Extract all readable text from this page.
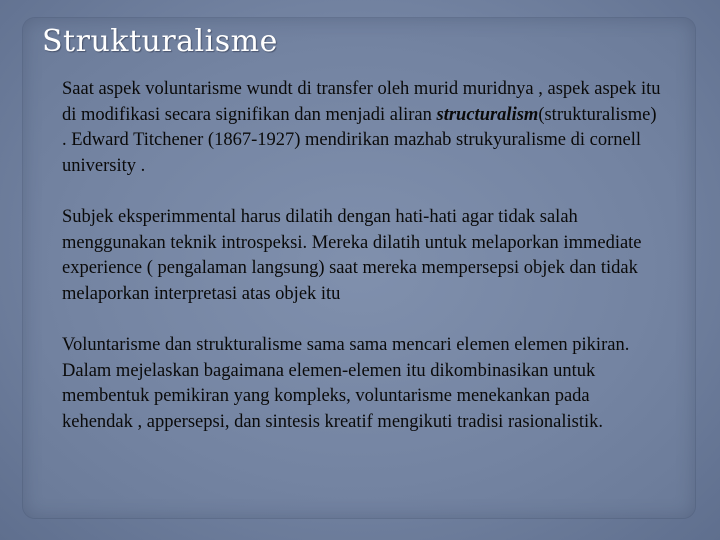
Strukturalisme

Saat aspek voluntarisme wundt di transfer oleh murid muridnya , aspek aspek itu di modifikasi secara signifikan dan menjadi aliran structuralism(strukturalisme) . Edward Titchener (1867-1927) mendirikan mazhab strukyuralisme di cornell university .

Subjek eksperimmental harus dilatih dengan hati-hati agar tidak salah menggunakan teknik introspeksi. Mereka dilatih untuk melaporkan immediate experience ( pengalaman langsung) saat mereka mempersepsi objek dan tidak melaporkan interpretasi atas objek itu

Voluntarisme dan strukturalisme sama sama mencari elemen elemen pikiran. Dalam mejelaskan bagaimana elemen-elemen itu dikombinasikan untuk membentuk pemikiran yang kompleks, voluntarisme menekankan pada kehendak , appersepsi, dan sintesis kreatif mengikuti tradisi rasionalistik.
